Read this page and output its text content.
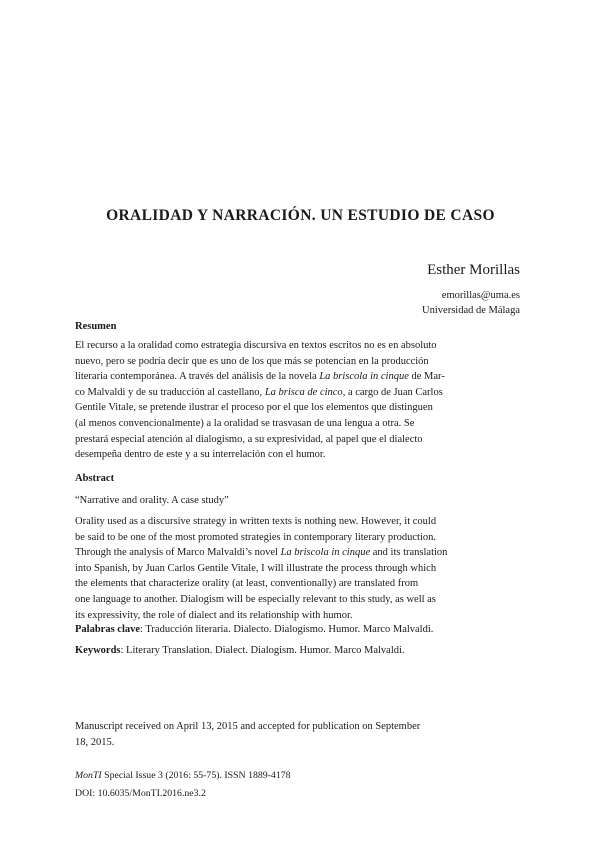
ORALIDAD Y NARRACIÓN. UN ESTUDIO DE CASO
Esther Morillas
emorillas@uma.es
Universidad de Málaga

Resumen

El recurso a la oralidad como estrategia discursiva en textos escritos no es en absoluto

nuevo, pero se podría decir que es uno de los que más se potencian en la producción

literaria contemporánea. A través del análisis de la novela La briscola in cinque de Mar-

co Malvaldi y de su traducción al castellano, La brisca de cinco, a cargo de Juan Carlos

Gentile Vitale, se pretende ilustrar el proceso por el que los elementos que distinguen

(al menos convencionalmente) a la oralidad se trasvasan de una lengua a otra. Se

prestará especial atención al dialogismo, a su expresividad, al papel que el dialecto

desempeña dentro de este y a su interrelación con el humor.

Abstract

“Narrative and orality. A case study”

Orality used as a discursive strategy in written texts is nothing new. However, it could

be said to be one of the most promoted strategies in contemporary literary production.

Through the analysis of Marco Malvaldi’s novel La briscola in cinque and its translation

into Spanish, by Juan Carlos Gentile Vitale, I will illustrate the process through which

the elements that characterize orality (at least, conventionally) are translated from

one language to another. Dialogism will be especially relevant to this study, as well as

its expressivity, the role of dialect and its relationship with humor.

Palabras clave: Traducción literaria. Dialecto. Dialogismo. Humor. Marco Malvaldi.
Keywords: Literary Translation. Dialect. Dialogism. Humor. Marco Malvaldi.

Manuscript received on April 13, 2015 and accepted for publication on September

18, 2015.

MonTI Special Issue 3 (2016: 55-75). ISSN 1889-4178
DOI: 10.6035/MonTI.2016.ne3.2
